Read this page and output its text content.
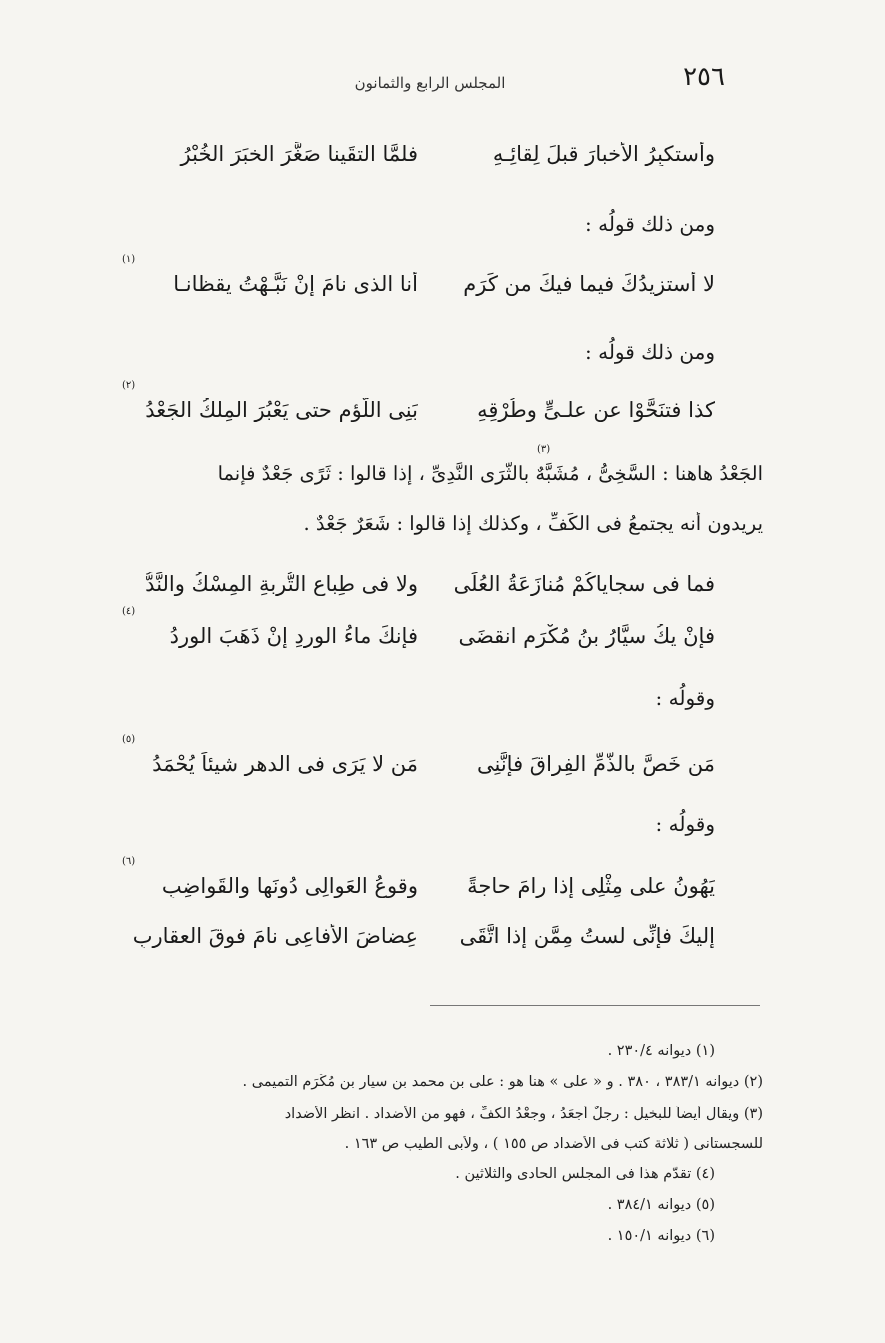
٢٥٦
المجلس الرابع والثمانون
وأستكبِرُ الأخبارَ قبلَ لِقائِـهِ
فلمَّا التقَينا صَغَّرَ الخبَرَ الخُبْرُ
ومن ذلك قولُه :
(١)
لا أستزيدُكَ فيما فيكَ من كَرَمٍ
أنا الذى نامَ إنْ نَبَّـهْتُ يقظانـا
ومن ذلك قولُه :
(٢)
كذا فتنَحَّوْا عن علـىٍّ وطُرْقِهِ
بَنِى اللُّؤمِ حتى يَعْبُرَ المِلكُ الجَعْدُ
(٣)
الجَعْدُ هاهنا : السَّخِىُّ ، مُشَبَّهٌ بالثَّرَى النَّدِىِّ ، إذا قالوا : ثَرًى جَعْدٌ فإنما
يريدون أنه يجتمعُ فى الكَفِّ ، وكذلك إذا قالوا : شَعَرٌ جَعْدٌ .
فما فى سجاياكُمْ مُنازَعَةُ العُلَى
ولا فى طِباعِ التُّربةِ المِسْكُ والنَّدُّ
(٤)
فإنْ يكُ سيَّارُ بنُ مُكْرَمٍ انقضَى
فإنكَ ماءُ الوردِ إنْ ذَهَبَ الوردُ
وقولُه :
(٥)
مَن خَصَّ بالذَّمِّ الفِراقَ فإنَّنِى
مَن لا يَرَى فى الدهرِ شيئاً يُحْمَدُ
وقولُه :
(٦)
يَهُونُ على مِثْلِى إذا رامَ حاجةً
وقوعُ العَوالِى دُونَها والقَواضِبِ
إليكَ فإنِّى لستُ مِمَّن إذا اتَّقَى
عِضاضَ الأفاعِى نامَ فوقَ العقاربِ
(١) ديوانه ٢٣٠/٤ .
(٢) ديوانه ٣٨٣/١ ، ٣٨٠ . و « على » هنا هو : على بن محمد بن سيار بن مُكْرَم التميمى .
(٣) ويقال أيضاً للبخيل : رجلٌ أجعَدُ ، وجعْدُ الكفِّ ، فهو من الأضداد . انظر الأضداد
للسجستانى ( ثلاثة كتب فى الأضداد ص ١٥٥ ) ، ولأبى الطيب ص ١٦٣ .
(٤) تقدّم هذا فى المجلس الحادى والثلاثين .
(٥) ديوانه ٣٨٤/١ .
(٦) ديوانه ١٥٠/١ .
